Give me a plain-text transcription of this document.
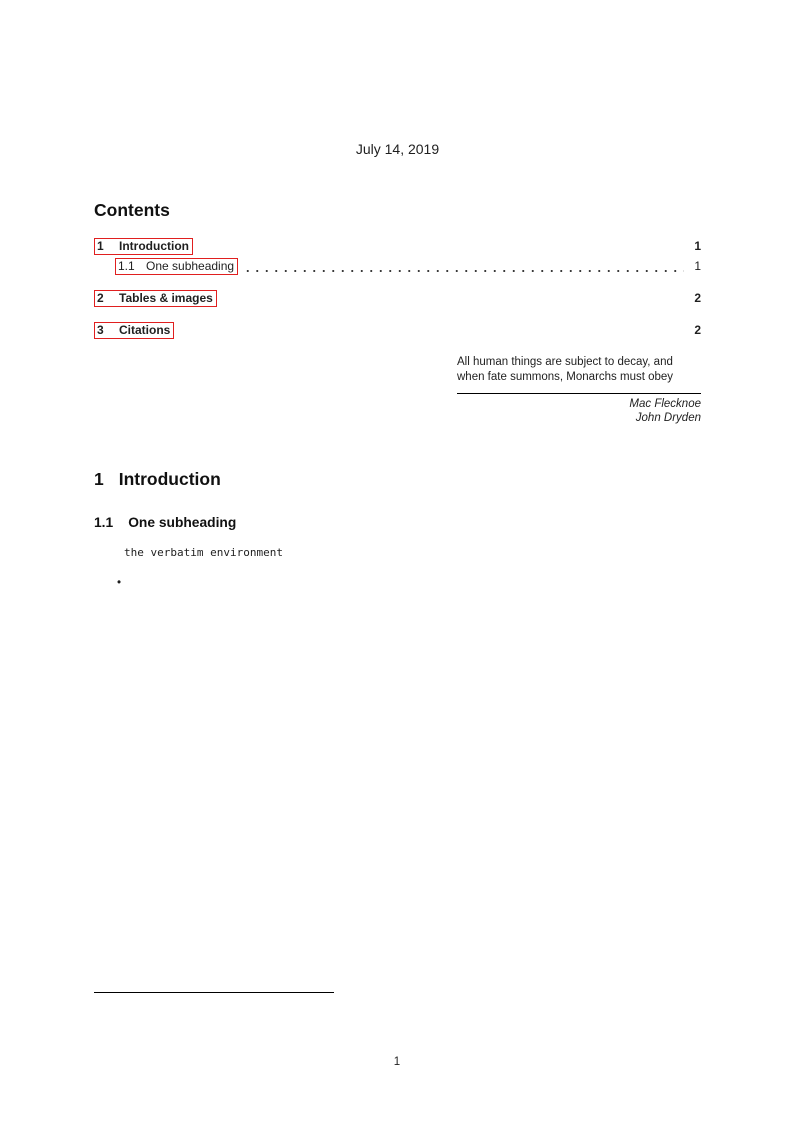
July 14, 2019
Contents
1	Introduction	1
1.1 One subheading	1
2	Tables & images	2
3	Citations	2
All human things are subject to decay, and
when fate summons, Monarchs must obey
Mac Flecknoe
John Dryden
1 Introduction

1.1 One subheading

the verbatim environment

•
1
